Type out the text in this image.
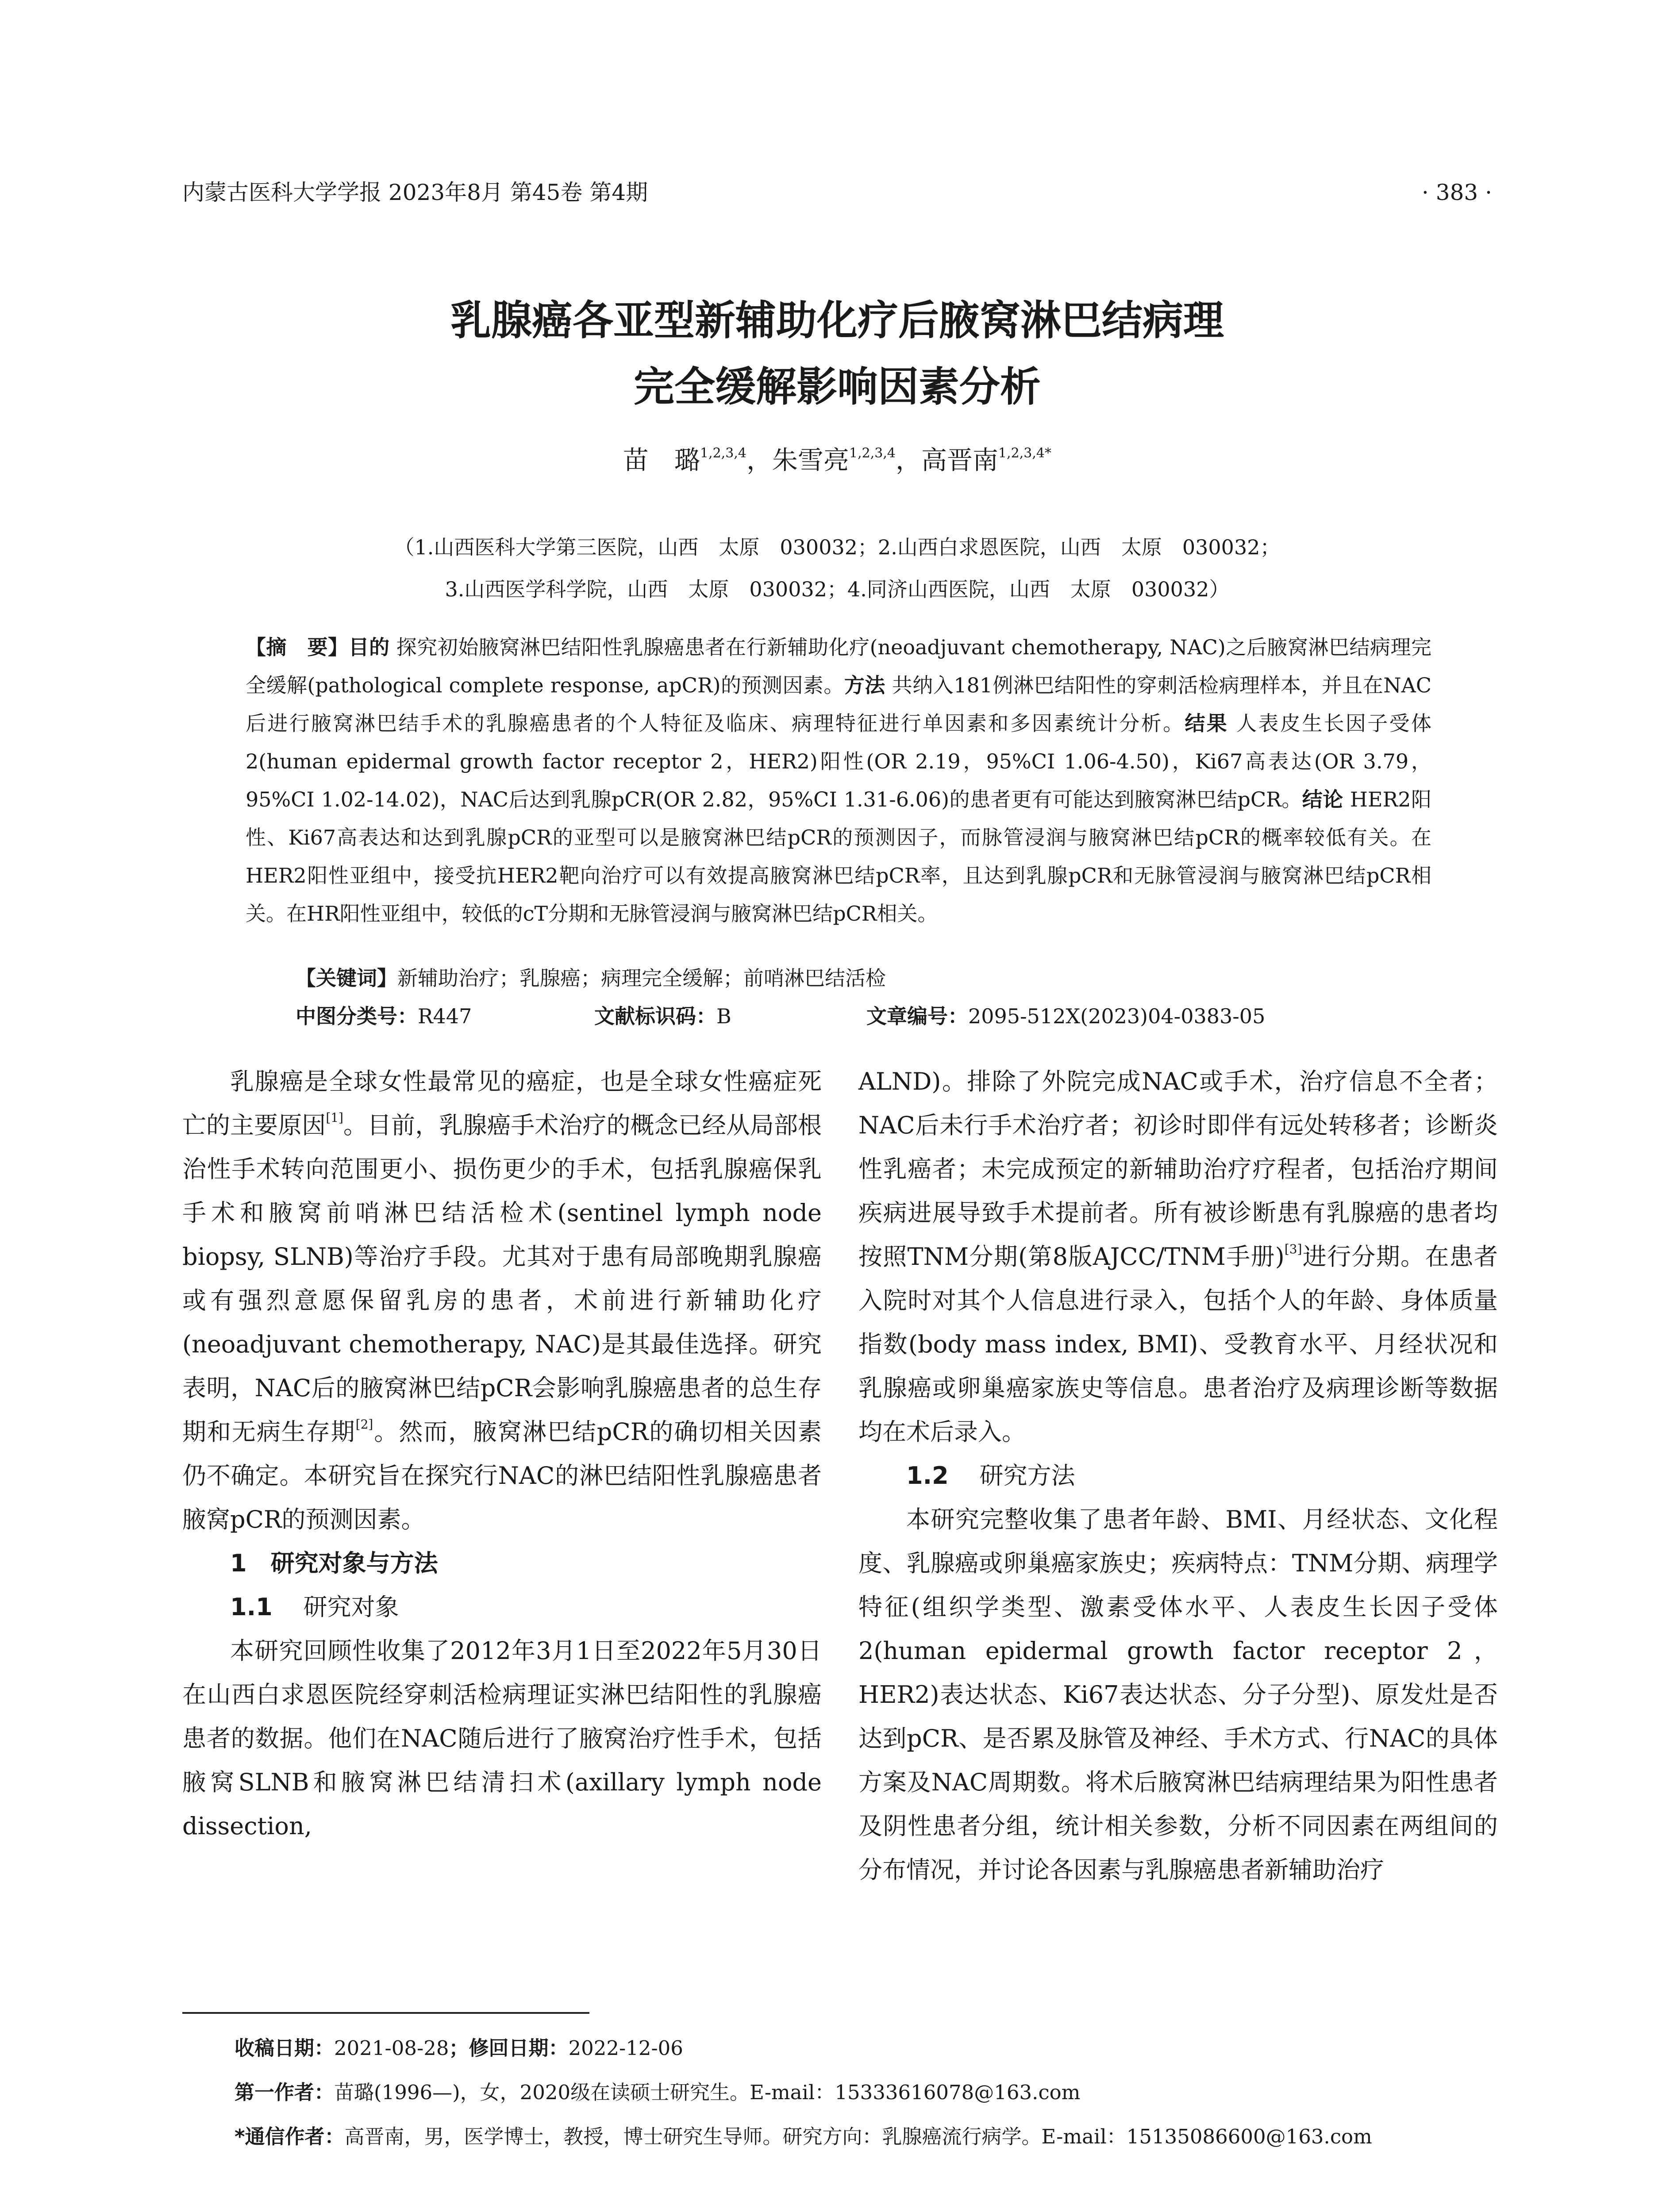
内蒙古医科大学学报 2023年8月 第45卷 第4期	· 383 ·
乳腺癌各亚型新辅助化疗后腋窝淋巴结病理
完全缓解影响因素分析
苗　璐$^{1,2,3,4}$，朱雪亮$^{1,2,3,4}$，高晋南$^{1,2,3,4*}$
（1.山西医科大学第三医院，山西　太原　030032；2.山西白求恩医院，山西　太原　030032；
3.山西医学科学院，山西　太原　030032；4.同济山西医院，山西　太原　030032）
【摘　要】目的 探究初始腋窝淋巴结阳性乳腺癌患者在行新辅助化疗(neoadjuvant chemotherapy, NAC)之后腋窝淋巴结病理完全缓解(pathological complete response, apCR)的预测因素。方法 共纳入181例淋巴结阳性的穿刺活检病理样本，并且在NAC后进行腋窝淋巴结手术的乳腺癌患者的个人特征及临床、病理特征进行单因素和多因素统计分析。结果 人表皮生长因子受体2(human epidermal growth factor receptor 2，HER2)阳性(OR 2.19，95%CI 1.06-4.50)，Ki67高表达(OR 3.79，95%CI 1.02-14.02)，NAC后达到乳腺pCR(OR 2.82，95%CI 1.31-6.06)的患者更有可能达到腋窝淋巴结pCR。结论 HER2阳性、Ki67高表达和达到乳腺pCR的亚型可以是腋窝淋巴结pCR的预测因子，而脉管浸润与腋窝淋巴结pCR的概率较低有关。在HER2阳性亚组中，接受抗HER2靶向治疗可以有效提高腋窝淋巴结pCR率，且达到乳腺pCR和无脉管浸润与腋窝淋巴结pCR相关。在HR阳性亚组中，较低的cT分期和无脉管浸润与腋窝淋巴结pCR相关。
【关键词】新辅助治疗；乳腺癌；病理完全缓解；前哨淋巴结活检
中图分类号：R447	文献标识码：B	文章编号：2095-512X(2023)04-0383-05

乳腺癌是全球女性最常见的癌症，也是全球女性癌症死亡的主要原因[1]。目前，乳腺癌手术治疗的概念已经从局部根治性手术转向范围更小、损伤更少的手术，包括乳腺癌保乳手术和腋窝前哨淋巴结活检术(sentinel lymph node biopsy, SLNB)等治疗手段。尤其对于患有局部晚期乳腺癌或有强烈意愿保留乳房的患者，术前进行新辅助化疗(neoadjuvant chemotherapy, NAC)是其最佳选择。研究表明，NAC后的腋窝淋巴结pCR会影响乳腺癌患者的总生存期和无病生存期[2]。然而，腋窝淋巴结pCR的确切相关因素仍不确定。本研究旨在探究行NAC的淋巴结阳性乳腺癌患者腋窝pCR的预测因素。

1　研究对象与方法

1.1 研究对象

本研究回顾性收集了2012年3月1日至2022年5月30日在山西白求恩医院经穿刺活检病理证实淋巴结阳性的乳腺癌患者的数据。他们在NAC随后进行了腋窝治疗性手术，包括腋窝SLNB和腋窝淋巴结清扫术(axillary lymph node dissection,

ALND)。排除了外院完成NAC或手术，治疗信息不全者；NAC后未行手术治疗者；初诊时即伴有远处转移者；诊断炎性乳癌者；未完成预定的新辅助治疗疗程者，包括治疗期间疾病进展导致手术提前者。所有被诊断患有乳腺癌的患者均按照TNM分期(第8版AJCC/TNM手册)[3]进行分期。在患者入院时对其个人信息进行录入，包括个人的年龄、身体质量指数(body mass index, BMI)、受教育水平、月经状况和乳腺癌或卵巢癌家族史等信息。患者治疗及病理诊断等数据均在术后录入。

1.2 研究方法

本研究完整收集了患者年龄、BMI、月经状态、文化程度、乳腺癌或卵巢癌家族史；疾病特点：TNM分期、病理学特征(组织学类型、激素受体水平、人表皮生长因子受体2(human epidermal growth factor receptor 2，HER2)表达状态、Ki67表达状态、分子分型)、原发灶是否达到pCR、是否累及脉管及神经、手术方式、行NAC的具体方案及NAC周期数。将术后腋窝淋巴结病理结果为阳性患者及阴性患者分组，统计相关参数，分析不同因素在两组间的分布情况，并讨论各因素与乳腺癌患者新辅助治疗

收稿日期：2021-08-28；修回日期：2022-12-06
第一作者：苗璐(1996—)，女，2020级在读硕士研究生。E-mail：15333616078@163.com
*通信作者：高晋南，男，医学博士，教授，博士研究生导师。研究方向：乳腺癌流行病学。E-mail：15135086600@163.com
